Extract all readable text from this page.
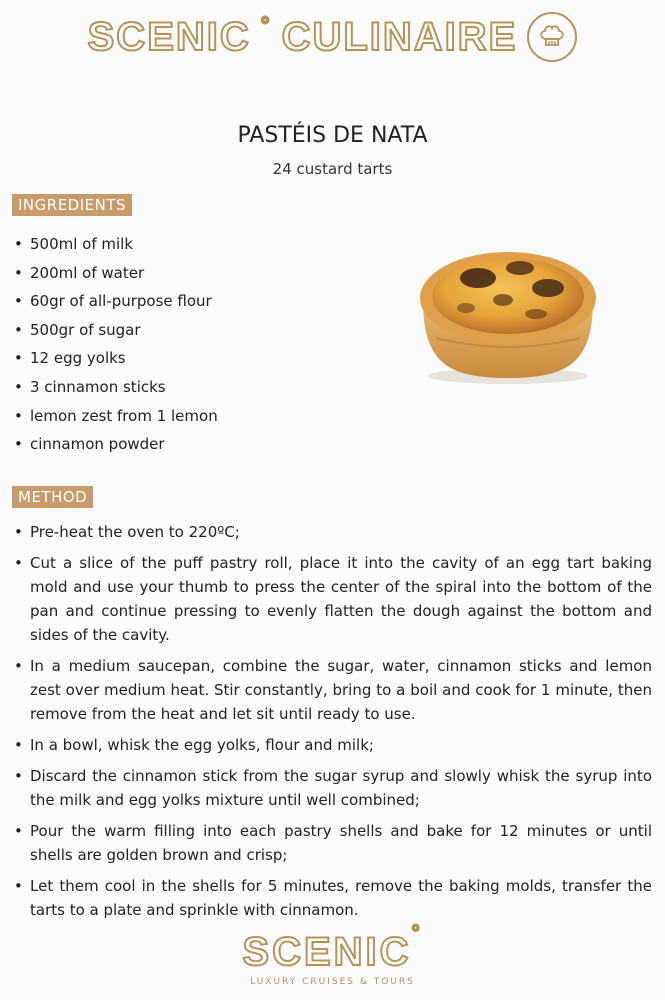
SCENIC ° CULINAIRE
PASTÉIS DE NATA
24 custard tarts
INGREDIENTS
• 500ml of milk
• 200ml of water
• 60gr of all-purpose flour
• 500gr of sugar
• 12 egg yolks
• 3 cinnamon sticks
• lemon zest from 1 lemon
• cinnamon powder
METHOD
• Pre-heat the oven to 220ºC;
• Cut a slice of the puff pastry roll, place it into the cavity of an egg tart baking mold and use your thumb to press the center of the spiral into the bottom of the pan and continue pressing to evenly flatten the dough against the bottom and sides of the cavity.
• In a medium saucepan, combine the sugar, water, cinnamon sticks and lemon zest over medium heat. Stir constantly, bring to a boil and cook for 1 minute, then remove from the heat and let sit until ready to use.
• In a bowl, whisk the egg yolks, flour and milk;
• Discard the cinnamon stick from the sugar syrup and slowly whisk the syrup into the milk and egg yolks mixture until well combined;
• Pour the warm filling into each pastry shells and bake for 12 minutes or until shells are golden brown and crisp;
• Let them cool in the shells for 5 minutes, remove the baking molds, transfer the tarts to a plate and sprinkle with cinnamon.
SCENIC°
LUXURY CRUISES & TOURS
